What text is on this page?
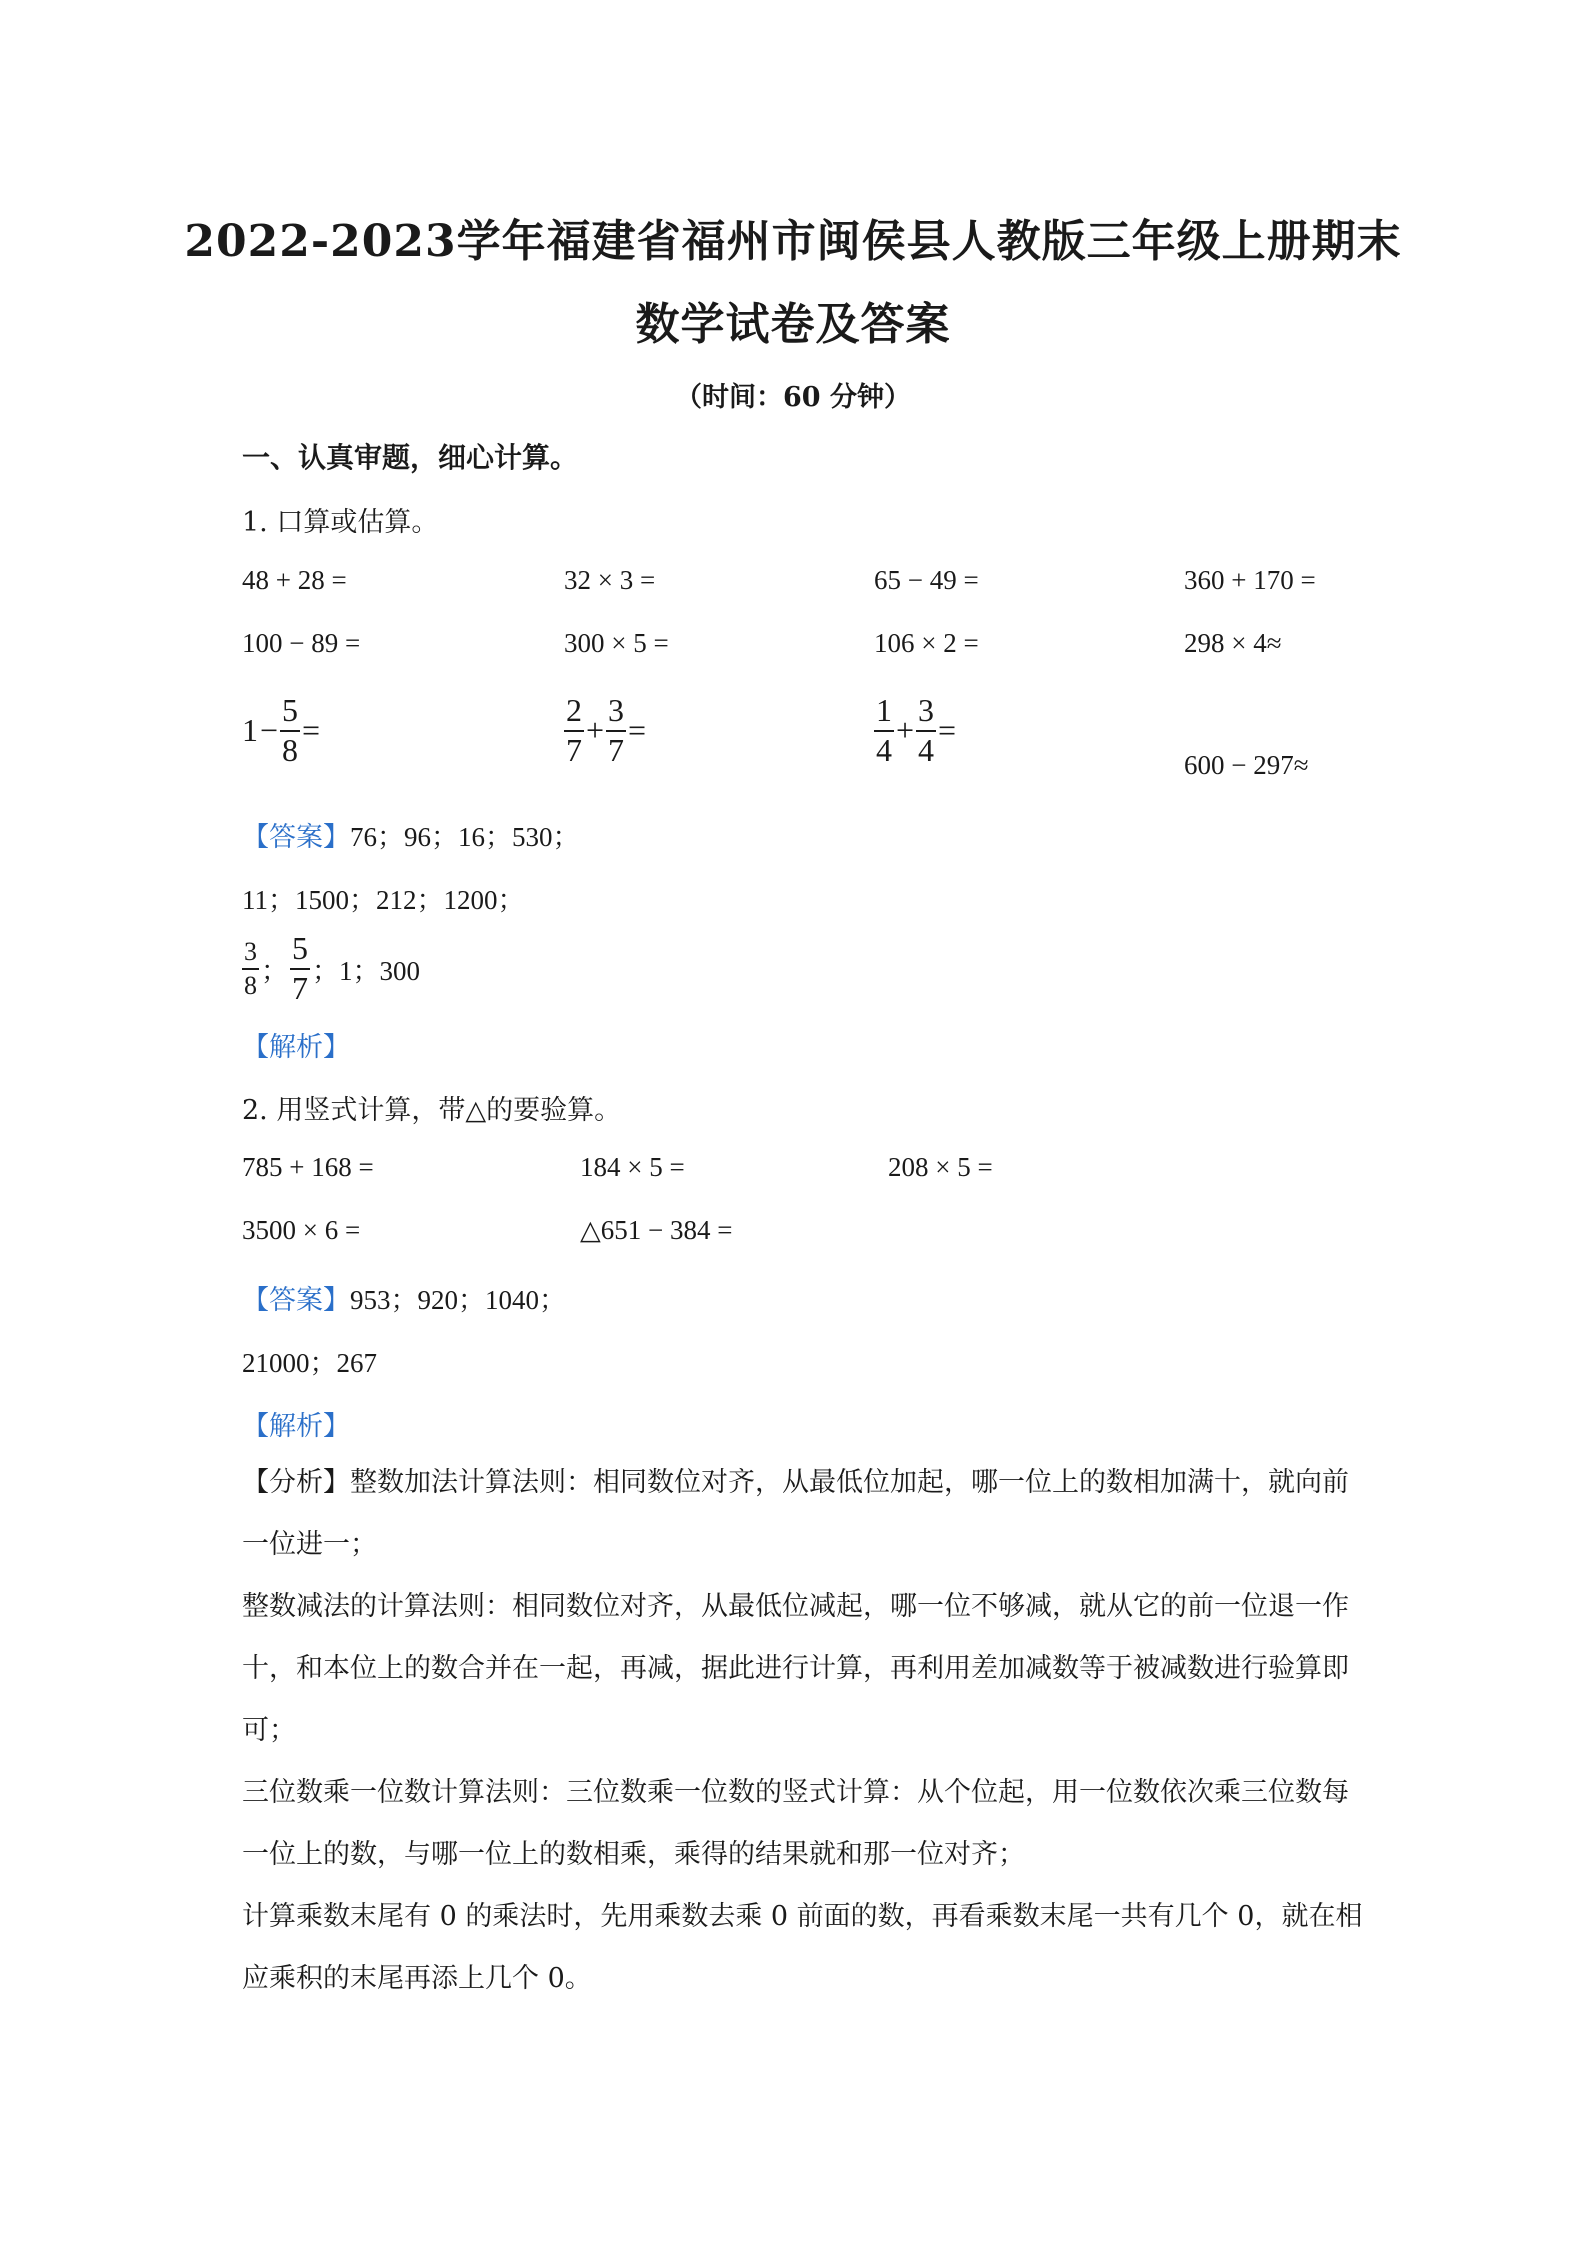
2022-2023学年福建省福州市闽侯县人教版三年级上册期末
数学试卷及答案
（时间：60 分钟）
一、认真审题，细心计算。
1. 口算或估算。
48 + 28 =	32 × 3 =	65 − 49 =	360 + 170 =
100 − 89 =	300 × 5 =	106 × 2 =	298 × 4≈
$1 - \frac{5}{8}$ =	$\frac{2}{7} + \frac{3}{7}$ =	$\frac{1}{4} + \frac{3}{4}$ =
600 − 297≈
【答案】76；96；16；530；
11；1500；212；1200；
$\frac{3}{8}$ ； $\frac{5}{7}$ ；1；300
【解析】
2. 用竖式计算，带△的要验算。
785 + 168 =	184 × 5 =	208 × 5 =
3500 × 6 =	△651 − 384 =
【答案】953；920；1040；
21000；267
【解析】
【分析】整数加法计算法则：相同数位对齐，从最低位加起，哪一位上的数相加满十，就向前一位进一；
整数减法的计算法则：相同数位对齐，从最低位减起，哪一位不够减，就从它的前一位退一作十，和本位上的数合并在一起，再减，据此进行计算，再利用差加减数等于被减数进行验算即可；
三位数乘一位数计算法则：三位数乘一位数的竖式计算：从个位起，用一位数依次乘三位数每一位上的数，与哪一位上的数相乘，乘得的结果就和那一位对齐；
计算乘数末尾有 0 的乘法时，先用乘数去乘 0 前面的数，再看乘数末尾一共有几个 0，就在相应乘积的末尾再添上几个 0。
